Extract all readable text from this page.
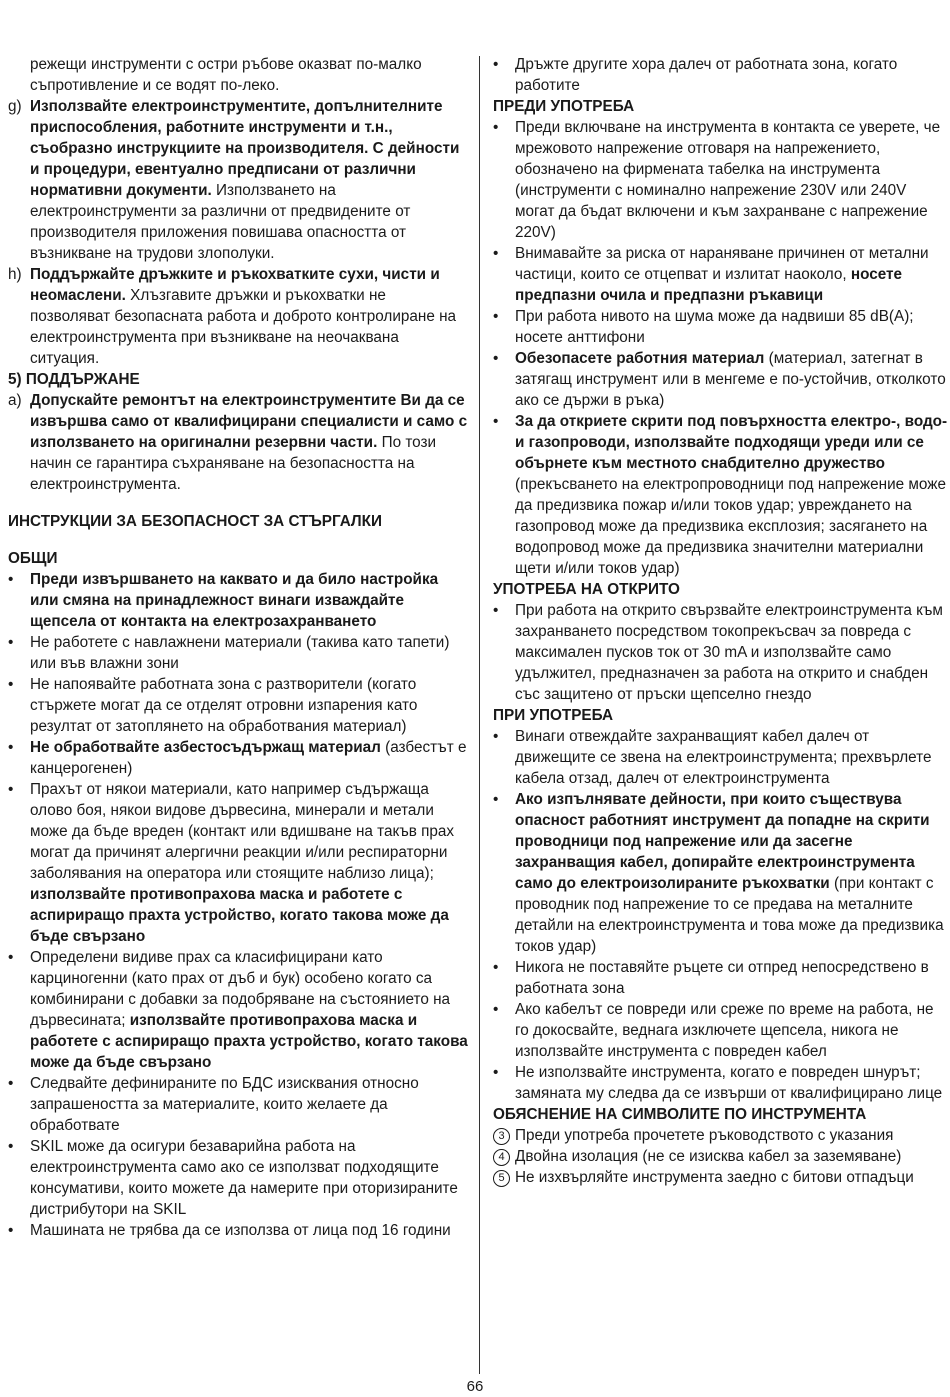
режещи инструменти с остри ръбове оказват по-малко съпротивление и се водят по-леко.
g) Използвайте електроинструментите, допълнителните приспособления, работните инструменти и т.н., съобразно инструкциите на производителя. С дейности и процедури, евентуално предписани от различни нормативни документи. Използването на електроинструменти за различни от предвидените от производителя приложения повишава опасността от възникване на трудови злополуки.
h) Поддържайте дръжките и ръкохватките сухи, чисти и неомаслени. Хлъзгавите дръжки и ръкохватки не позволяват безопасната работа и доброто контролиране на електроинструмента при възникване на неочаквана ситуация.
5) ПОДДЪРЖАНЕ
a) Допускайте ремонтът на електроинструментите Ви да се извършва само от квалифицирани специалисти и само с използването на оригинални резервни части. По този начин се гарантира съхраняване на безопасността на електроинструмента.
ИНСТРУКЦИИ ЗА БЕЗОПАСНОСТ ЗА СТЪРГАЛКИ
ОБЩИ
• Преди извършването на каквато и да било настройка или смяна на принадлежност винаги изваждайте щепсела от контакта на електрозахранването
• Не работете с навлажнени материали (такива като тапети) или във влажни зони
• Не напоявайте работната зона с разтворители (когато стържете могат да се отделят отровни изпарения като резултат от затоплянето на обработвания материал)
• Не обработвайте азбестосъдържащ материал (азбестът е канцерогенен)
• Прахът от някои материали, като например съдържаща олово боя, някои видове дървесина, минерали и метали може да бъде вреден (контакт или вдишване на такъв прах могат да причинят алергични реакции и/или респираторни заболявания на оператора или стоящите наблизо лица); използвайте противопрахова маска и работете с аспириращо прахта устройство, когато такова може да бъде свързано
• Определени видиве прах са класифицирани като карциногенни (като прах от дъб и бук) особено когато са комбинирани с добавки за подобряване на състоянието на дървесината; използвайте противопрахова маска и работете с аспириращо прахта устройство, когато такова може да бъде свързано
• Следвайте дефинираните по БДС изисквания относно запрашеността за материалите, които желаете да обработвате
• SKIL може да осигури безаварийна работа на електроинструмента само ако се използват подходящите консумативи, които можете да намерите при оторизираните дистрибутори на SKIL
• Машината не трябва да се използва от лица под 16 години
• Дръжте другите хора далеч от работната зона, когато работите
ПРЕДИ УПОТРЕБА
• Преди включване на инструмента в контакта се уверете, че мрежовото напрежение отговаря на напрежението, обозначено на фирмената табелка на инструмента (инструменти с номинално напрежение 230V или 240V могат да бъдат включени и към захранване с напрежение 220V)
• Внимавайте за риска от нараняване причинен от метални частици, които се отцепват и излитат наоколо, носете предпазни очила и предпазни ръкавици
• При работа нивото на шума може да надвиши 85 dB(A); носете анттифони
• Обезопасете работния материал (материал, затегнат в затягащ инструмент или в менгеме е по-устойчив, отколкото ако се държи в ръка)
• За да откриете скрити под повърхността електро-, водо- и газопроводи, използвайте подходящи уреди или се обърнете към местното снабдително дружество (прекъсването на електропроводници под напрежение може да предизвика пожар и/или токов удар; увреждането на газопровод може да предизвика експлозия; засягането на водопровод може да предизвика значителни материални щети и/или токов удар)
УПОТРЕБА НА ОТКРИТО
• При работа на открито свързвайте електроинструмента към захранването посредством токопрекъсвач за повреда с максимален пусков ток от 30 mA и използвайте само удължител, предназначен за работа на открито и снабден със защитено от пръски щепселно гнездо
ПРИ УПОТРЕБА
• Винаги отвеждайте захранващият кабел далеч от движещите се звена на електроинструмента; прехвърлете кабела отзад, далеч от електроинструмента
• Ако изпълнявате дейности, при които съществува опасност работният инструмент да попадне на скрити проводници под напрежение или да засегне захранващия кабел, допирайте електроинструмента само до електроизолираните ръкохватки (при контакт с проводник под напрежение то се предава на металните детайли на електроинструмента и това може да предизвика токов удар)
• Никога не поставяйте ръцете си отпред непосредствено в работната зона
• Ако кабелът се повреди или среже по време на работа, не го докосвайте, веднага изключете щепсела, никога не използвайте инструмента с повреден кабел
• Не използвайте инструмента, когато е повреден шнурът; замяната му следва да се извърши от квалифицирано лице
ОБЯСНЕНИЕ НА СИМВОЛИТЕ ПО ИНСТРУМЕНТА
3 Преди употреба прочетете ръководството с указания
4 Двойна изолация (не се изисква кабел за заземяване)
5 Не изхвърляйте инструмента заедно с битови отпадъци
66
